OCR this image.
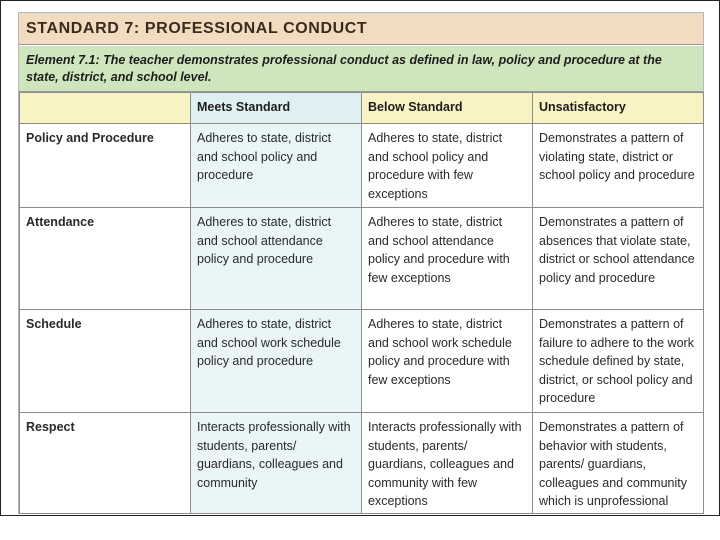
STANDARD 7: PROFESSIONAL CONDUCT
Element 7.1: The teacher demonstrates professional conduct as defined in law, policy and procedure at the state, district, and school level.
	Meets Standard	Below Standard	Unsatisfactory
Policy and Procedure	Adheres to state, district and school policy and procedure	Adheres to state, district and school policy and procedure with few exceptions	Demonstrates a pattern of violating state, district or school policy and procedure
Attendance	Adheres to state, district and school attendance policy and procedure	Adheres to state, district and school attendance policy and procedure with few exceptions	Demonstrates a pattern of absences that violate state, district or school attendance policy and procedure
Schedule	Adheres to state, district and school work schedule policy and procedure	Adheres to state, district and school work schedule policy and procedure with few exceptions	Demonstrates a pattern of failure to adhere to the work schedule defined by state, district, or school policy and procedure
Respect	Interacts professionally with students, parents/ guardians, colleagues and community	Interacts professionally with students, parents/ guardians, colleagues and community with few exceptions	Demonstrates a pattern of behavior with students, parents/ guardians, colleagues and community which is unprofessional
